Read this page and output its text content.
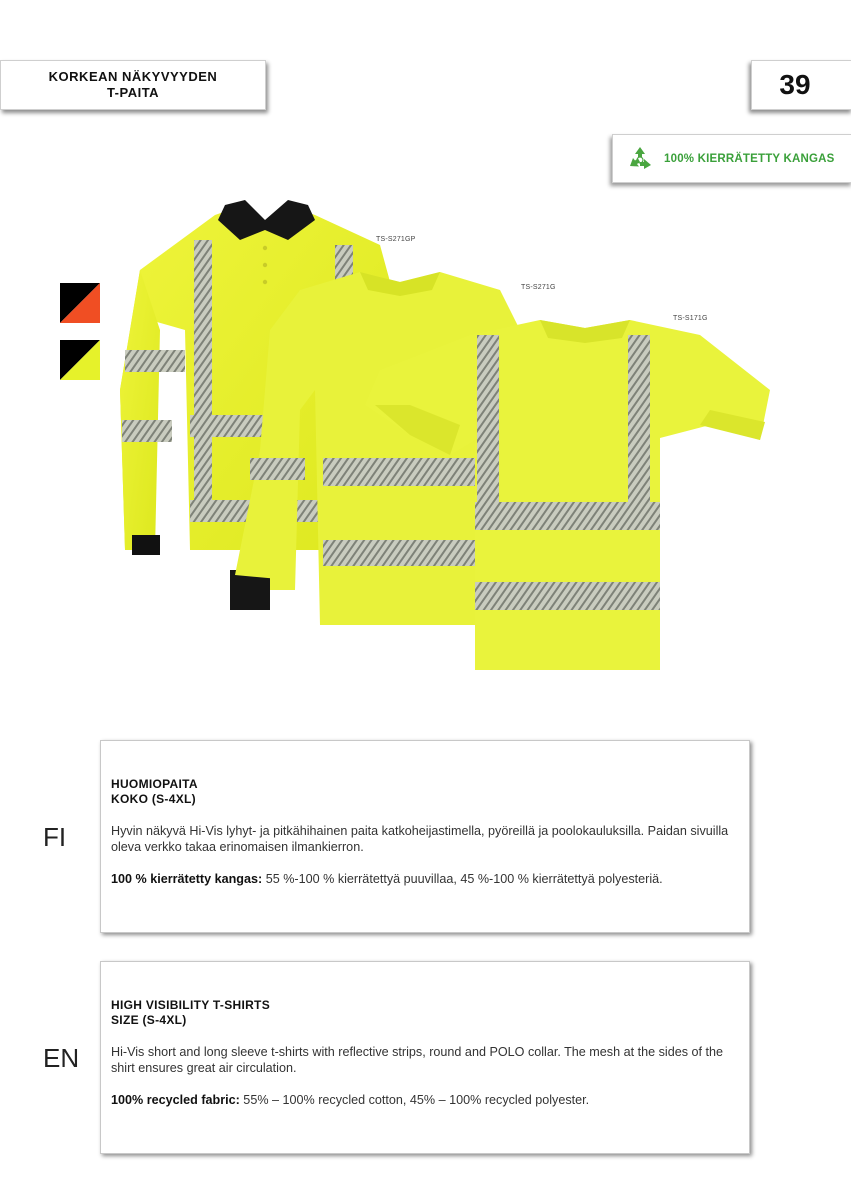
KORKEAN NÄKYVYYDEN
T-PAITA	39
100% KIERRÄTETTY KANGAS
TS-S271GP
TS-S271G
TS-S171G
FI
HUOMIOPAITA
KOKO (S-4XL)
Hyvin näkyvä Hi-Vis lyhyt- ja pitkähihainen paita katkoheijastimella, pyöreillä ja poolokauluksilla. Paidan sivuilla oleva verkko takaa erinomaisen ilmankierron.
100 % kierrätetty kangas: 55 %-100 % kierrätettyä puuvillaa, 45 %-100 % kierrätettyä polyesteriä.
EN
HIGH VISIBILITY T-SHIRTS
SIZE (S-4XL)
Hi-Vis short and long sleeve t-shirts with reflective strips, round and POLO collar. The mesh at the sides of the shirt ensures great air circulation.
100% recycled fabric: 55% – 100% recycled cotton, 45% – 100% recycled polyester.
